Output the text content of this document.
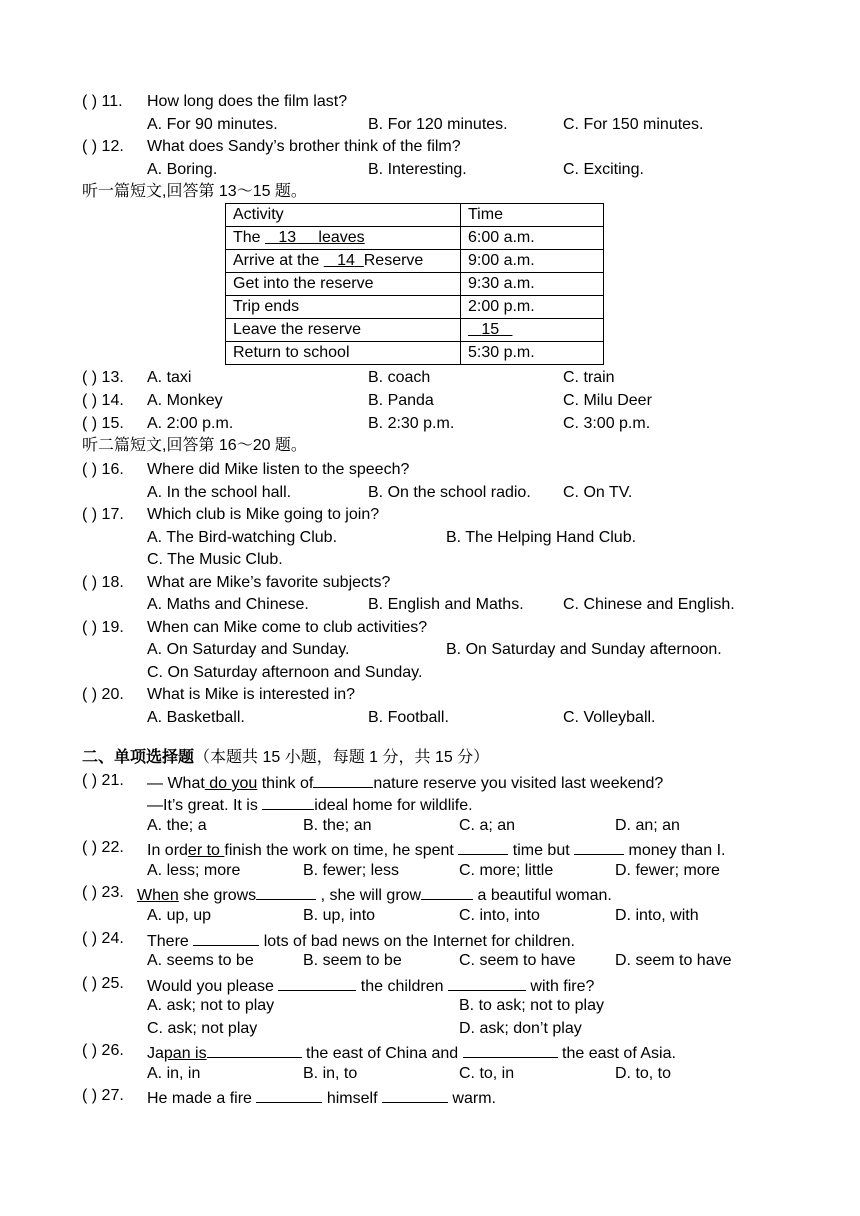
( ) 11. How long does the film last?
A. For 90 minutes.	B. For 120 minutes.	C. For 150 minutes.
( ) 12. What does Sandy’s brother think of the film?
A. Boring.	B. Interesting.	C. Exciting.
听一篇短文,回答第 13～15 题。
Activity	Time
The 13 leaves	6:00 a.m.
Arrive at the 14 Reserve	9:00 a.m.
Get into the reserve	9:30 a.m.
Trip ends	2:00 p.m.
Leave the reserve	15
Return to school	5:30 p.m.
( ) 13. A. taxi	B. coach	C. train
( ) 14. A. Monkey	B. Panda	C. Milu Deer
( ) 15. A. 2:00 p.m.	B. 2:30 p.m.	C. 3:00 p.m.
听二篇短文,回答第 16～20 题。
( ) 16. Where did Mike listen to the speech?
A. In the school hall.	B. On the school radio. C. On TV.
( ) 17. Which club is Mike going to join?
A. The Bird-watching Club.	B. The Helping Hand Club.
C. The Music Club.
( ) 18. What are Mike’s favorite subjects?
A. Maths and Chinese.	B. English and Maths. C. Chinese and English.
( ) 19. When can Mike come to club activities?
A. On Saturday and Sunday.	B. On Saturday and Sunday afternoon.
C. On Saturday afternoon and Sunday.
( ) 20. What is Mike is interested in?
A. Basketball.	B. Football.	C. Volleyball.
二、单项选择题（本题共 15 小题，每题 1 分，共 15 分）
( ) 21. — What do you think of	nature reserve you visited last weekend?
—It’s great. It is	ideal home for wildlife.
A. the; a	B. the; an	C. a; an	D. an; an
( ) 22. In order to finish the work on time, he spent	time but	money than I.
A. less; more	B. fewer; less	C. more; little	D. fewer; more
( ) 23. When she grows	, she will grow	a beautiful woman.
A. up, up	B. up, into	C. into, into	D. into, with
( ) 24. There	lots of bad news on the Internet for children.
A. seems to be	B. seem to be	C. seem to have D. seem to have
( ) 25. Would you please	the children	with fire?
A. ask; not to play	B. to ask; not to play
C. ask; not play	D. ask; don’t play
( ) 26. Japan is	the east of China and	the east of Asia.
A. in, in	B. in, to	C. to, in	D. to, to
( ) 27. He made a fire	himself	warm.
